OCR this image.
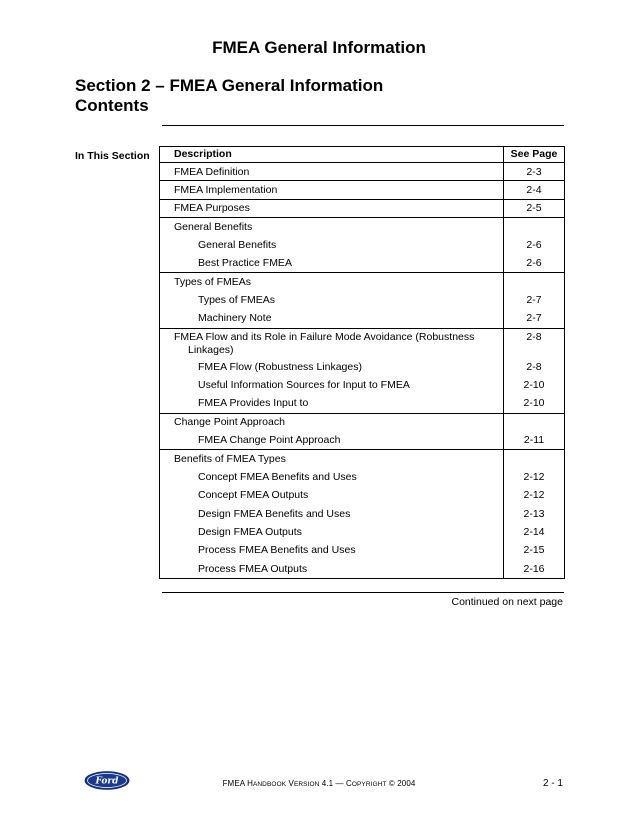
FMEA General Information
Section 2 – FMEA General Information
Contents
In This Section Description	See Page
FMEA Definition	2-3
FMEA Implementation	2-4
FMEA Purposes	2-5
General Benefits	
General Benefits	2-6
Best Practice FMEA	2-6
Types of FMEAs	
Types of FMEAs	2-7
Machinery Note	2-7

FMEA Flow and its Role in Failure Mode Avoidance (Robustness Linkages)	2-8
FMEA Flow (Robustness Linkages)	2-8
Useful Information Sources for Input to FMEA	2-10
FMEA Provides Input to	2-10
Change Point Approach	
FMEA Change Point Approach	2-11
Benefits of FMEA Types	
Concept FMEA Benefits and Uses	2-12
Concept FMEA Outputs	2-12
Design FMEA Benefits and Uses	2-13
Design FMEA Outputs	2-14
Process FMEA Benefits and Uses	2-15
Process FMEA Outputs	2-16
Continued on next page
Ford	FMEA HANDBOOK VERSION 4.1 — COPYRIGHT © 2004	2 - 1
